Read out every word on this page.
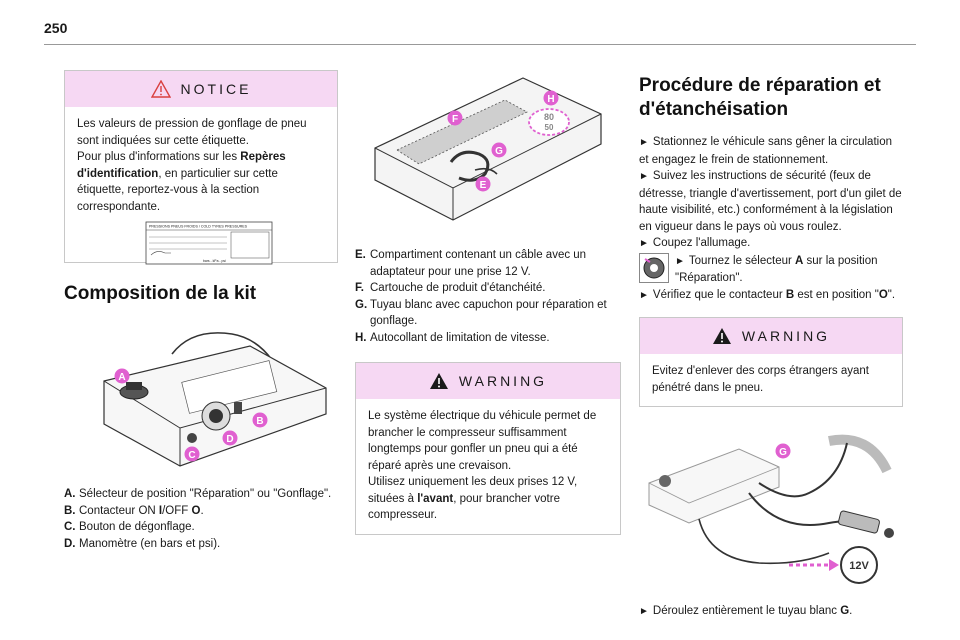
250
NOTICE
Les valeurs de pression de gonflage de pneu sont indiquées sur cette étiquette.
Pour plus d'informations sur les Repères d'identification, en particulier sur cette étiquette, reportez-vous à la section correspondante.
PRESSIONS PNEUS FROIDS / COLD TYRES PRESSURES
bars - kPa - psi
Composition de la kit
A
B
C
D
A. Sélecteur de position "Réparation" ou "Gonflage".
B. Contacteur ON I/OFF O.
C. Bouton de dégonflage.
D. Manomètre (en bars et psi).
80
50
F
H
G
E
E. Compartiment contenant un câble avec un adaptateur pour une prise 12 V.
F. Cartouche de produit d'étanchéité.
G. Tuyau blanc avec capuchon pour réparation et gonflage.
H. Autocollant de limitation de vitesse.
WARNING
Le système électrique du véhicule permet de brancher le compresseur suffisamment longtemps pour gonfler un pneu qui a été réparé après une crevaison.
Utilisez uniquement les deux prises 12 V, situées à l'avant, pour brancher votre compresseur.
Procédure de réparation et
d'étanchéisation
► Stationnez le véhicule sans gêner la circulation et engagez le frein de stationnement.
► Suivez les instructions de sécurité (feux de détresse, triangle d'avertissement, port d'un gilet de haute visibilité, etc.) conformément à la législation en vigueur dans le pays où vous roulez.
► Coupez l'allumage.
► Tournez le sélecteur A sur la position "Réparation".
► Vérifiez que le contacteur B est en position "O".
WARNING
Evitez d'enlever des corps étrangers ayant pénétré dans le pneu.
12V
G
► Déroulez entièrement le tuyau blanc G.
